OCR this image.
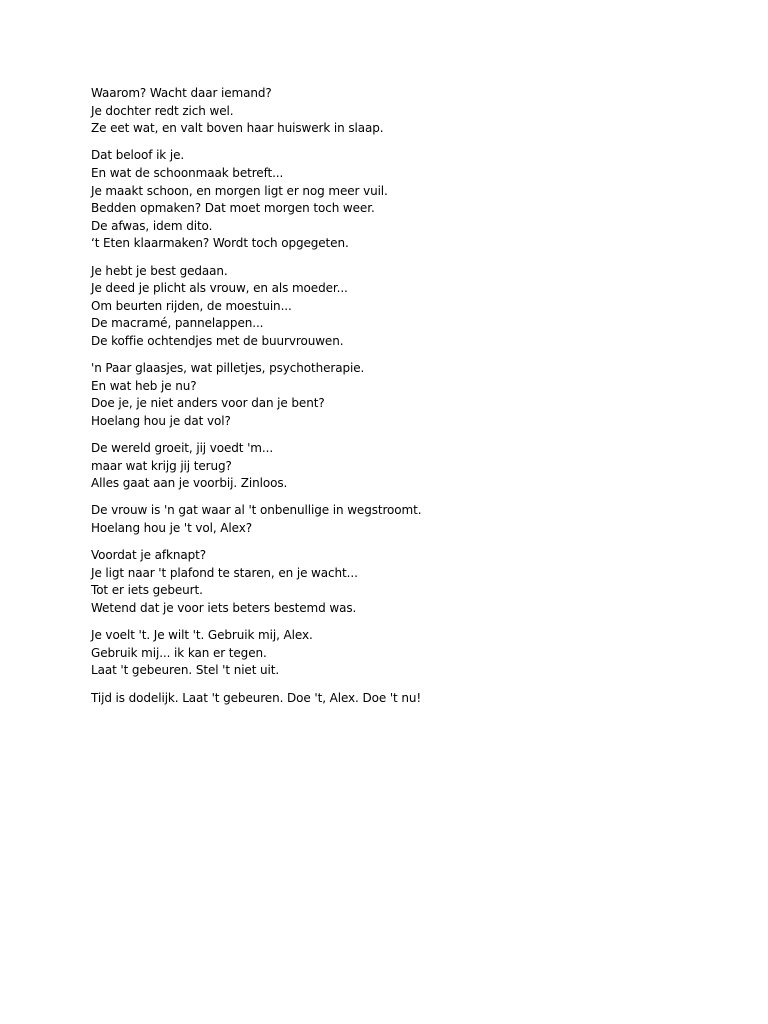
Waarom? Wacht daar iemand?
Je dochter redt zich wel.
Ze eet wat, en valt boven haar huiswerk in slaap.
Dat beloof ik je.
En wat de schoonmaak betreft...
Je maakt schoon, en morgen ligt er nog meer vuil.
Bedden opmaken? Dat moet morgen toch weer.
De afwas, idem dito.
‘t Eten klaarmaken? Wordt toch opgegeten.
Je hebt je best gedaan.
Je deed je plicht als vrouw, en als moeder...
Om beurten rijden, de moestuin...
De macramé, pannelappen...
De koffie ochtendjes met de buurvrouwen.
'n Paar glaasjes, wat pilletjes, psychotherapie.
En wat heb je nu?
Doe je, je niet anders voor dan je bent?
Hoelang hou je dat vol?
De wereld groeit, jij voedt 'm...
maar wat krijg jij terug?
Alles gaat aan je voorbij. Zinloos.
De vrouw is 'n gat waar al 't onbenullige in wegstroomt.
Hoelang hou je 't vol, Alex?
Voordat je afknapt?
Je ligt naar 't plafond te staren, en je wacht...
Tot er iets gebeurt.
Wetend dat je voor iets beters bestemd was.
Je voelt 't. Je wilt 't. Gebruik mij, Alex.
Gebruik mij... ik kan er tegen.
Laat 't gebeuren. Stel 't niet uit.
Tijd is dodelijk. Laat 't gebeuren. Doe 't, Alex. Doe 't nu!
